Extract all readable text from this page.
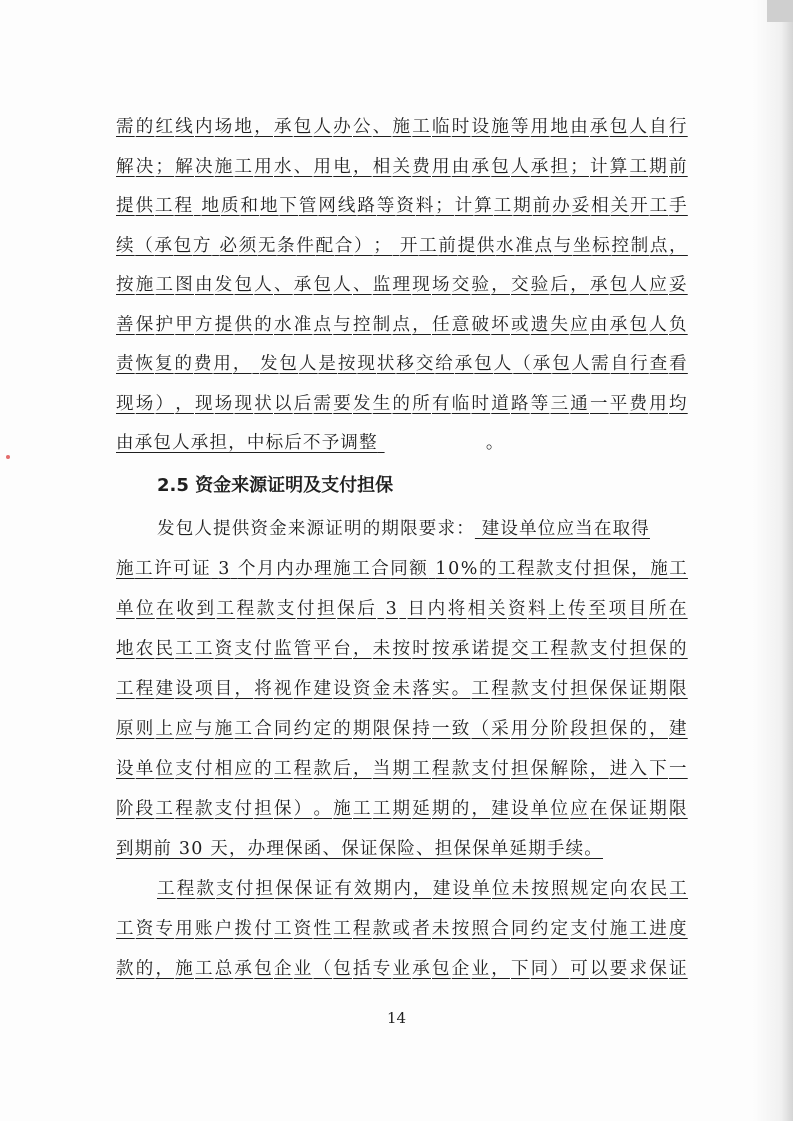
需 的 红 线 内 场 地 ， 承 包 人 办 公 、 施 工 临 时 设 施 等 用 地 由 承 包 人 自 行
解 决 ； 解 决 施 工 用 水 、 用 电 ， 相 关 费 用 由 承 包 人 承 担 ； 计 算 工 期 前
提 供 工 程
地 质 和 地 下 管 网 线 路 等 资 料 ； 计 算 工 期 前 办 妥 相 关 开 工 手
续 （ 承 包 方
必 须 无 条 件 配 合 ） ；
开 工 前 提 供 水 准 点 与 坐 标 控 制 点 ，
按 施 工 图 由 发 包 人 、 承 包 人 、 监 理 现 场 交 验 ， 交 验 后 ， 承 包 人 应 妥
善 保 护 甲 方 提 供 的 水 准 点 与 控 制 点 ， 任 意 破 坏 或 遗 失 应 由 承 包 人 负
责 恢 复 的 费 用 ，
发 包 人 是 按 现 状 移 交 给 承 包 人 （ 承 包 人 需 自 行 查 看
现 场 ） ， 现 场 现 状 以 后 需 要 发 生 的 所 有 临 时 道 路 等 三 通 一 平 费 用 均
由承包人承担，中标后不予调整
	。
2.5 资金来源证明及支付担保
发包人提供资金来源证明的期限要求： 建设单位应当在取得
施 工 许 可 证
3
个 月 内 办 理 施 工 合 同 额
1 0 % 的 工 程 款 支 付 担 保 ， 施 工
单 位 在 收 到 工 程 款 支 付 担 保 后
3
日 内 将 相 关 资 料 上 传 至 项 目 所 在
地 农 民 工 工 资 支 付 监 管 平 台 ， 未 按 时 按 承 诺 提 交 工 程 款 支 付 担 保 的
工 程 建 设 项 目 ， 将 视 作 建 设 资 金 未 落 实 。 工 程 款 支 付 担 保 保 证 期 限
原 则 上 应 与 施 工 合 同 约 定 的 期 限 保 持 一 致 （ 采 用 分 阶 段 担 保 的 ， 建
设 单 位 支 付 相 应 的 工 程 款 后 ， 当 期 工 程 款 支 付 担 保 解 除 ， 进 入 下 一
阶 段 工 程 款 支 付 担 保 ） 。 施 工 工 期 延 期 的 ， 建 设 单 位 应 在 保 证 期 限
到期前 30 天，办理保函、保证保险、担保保单延期手续。
工 程 款 支 付 担 保 保 证 有 效 期 内 ， 建 设 单 位 未 按 照 规 定 向 农 民 工
工 资 专 用 账 户 拨 付 工 资 性 工 程 款 或 者 未 按 照 合 同 约 定 支 付 施 工 进 度
款 的 ， 施 工 总 承 包 企 业 （ 包 括 专 业 承 包 企 业 ， 下 同 ） 可 以 要 求 保 证
14
